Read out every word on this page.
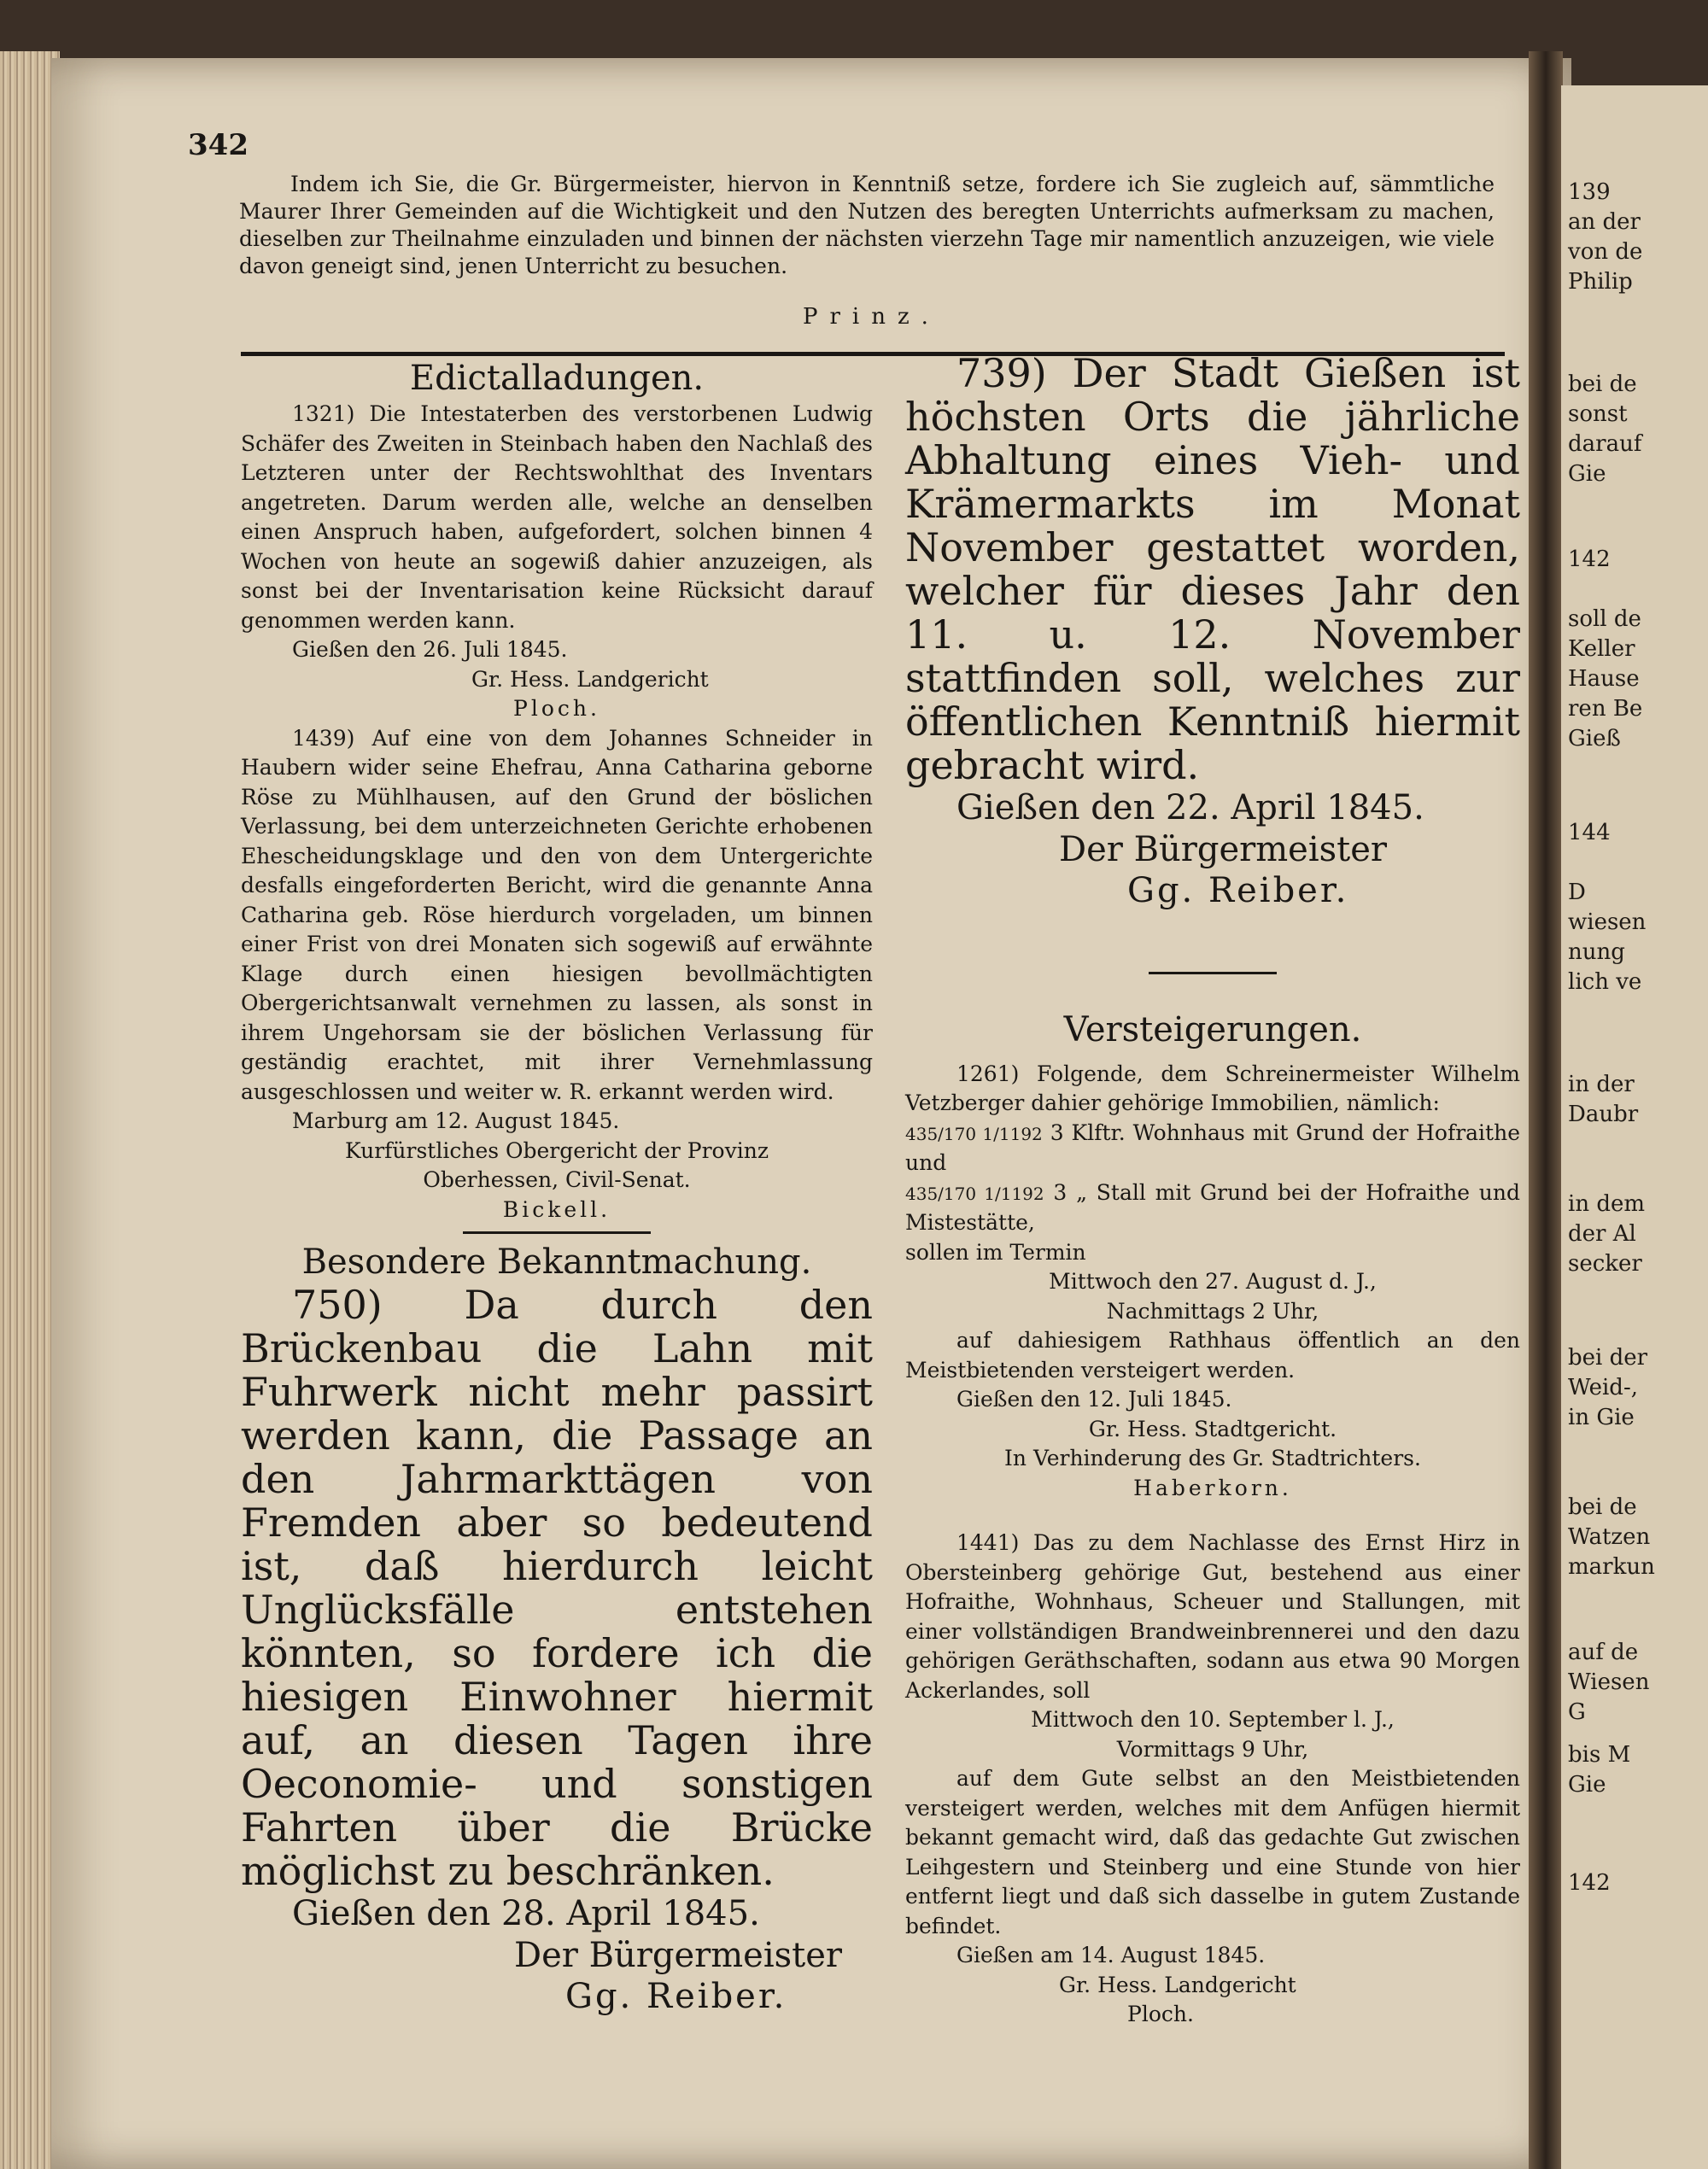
139
an der
von de
Philip
bei de
sonst
darauf
Gie
142
soll de
Keller
Hause
ren Be
Gieß
144
D
wiesen
nung
lich ve
in der
Daubr
in dem
der Al
secker
bei der
Weid-,
in Gie
bei de
Watzen
markun
auf de
Wiesen
G
bis M
Gie
142
342

Indem ich Sie, die Gr. Bürgermeister, hiervon in Kenntniß setze, fordere ich Sie zugleich auf, sämmtliche Maurer Ihrer Gemeinden auf die Wichtigkeit und den Nutzen des beregten Unterrichts aufmerksam zu machen, dieselben zur Theilnahme einzuladen und binnen der nächsten vierzehn Tage mir namentlich anzuzeigen, wie viele davon geneigt sind, jenen Unterricht zu besuchen.

Prinz.

Edictalladungen.

1321) Die Intestaterben des verstorbenen Ludwig Schäfer des Zweiten in Steinbach haben den Nachlaß des Letzteren unter der Rechtswohlthat des Inventars angetreten. Darum werden alle, welche an denselben einen Anspruch haben, aufgefordert, solchen binnen 4 Wochen von heute an sogewiß dahier anzuzeigen, als sonst bei der Inventarisation keine Rücksicht darauf genommen werden kann.

Gießen den 26. Juli 1845.

Gr. Hess. Landgericht

Ploch.

1439) Auf eine von dem Johannes Schneider in Haubern wider seine Ehefrau, Anna Catharina geborne Röse zu Mühlhausen, auf den Grund der böslichen Verlassung, bei dem unterzeichneten Gerichte erhobenen Ehescheidungsklage und den von dem Untergerichte desfalls eingeforderten Bericht, wird die genannte Anna Catharina geb. Röse hierdurch vorgeladen, um binnen einer Frist von drei Monaten sich sogewiß auf erwähnte Klage durch einen hiesigen bevollmächtigten Obergerichtsanwalt vernehmen zu lassen, als sonst in ihrem Ungehorsam sie der böslichen Verlassung für geständig erachtet, mit ihrer Vernehmlassung ausgeschlossen und weiter w. R. erkannt werden wird.

Marburg am 12. August 1845.

Kurfürstliches Obergericht der Provinz

Oberhessen, Civil-Senat.

Bickell.

Besondere Bekanntmachung.

750) Da durch den Brückenbau die Lahn mit Fuhrwerk nicht mehr passirt werden kann, die Passage an den Jahrmarkttägen von Fremden aber so bedeutend ist, daß hierdurch leicht Unglücksfälle entstehen könnten, so fordere ich die hiesigen Einwohner hiermit auf, an diesen Tagen ihre Oeconomie- und sonstigen Fahrten über die Brücke möglichst zu beschränken.

Gießen den 28. April 1845.

Der Bürgermeister

Gg. Reiber.

739) Der Stadt Gießen ist höchsten Orts die jährliche Abhaltung eines Vieh- und Krämermarkts im Monat November gestattet worden, welcher für dieses Jahr den 11. u. 12. November stattfinden soll, welches zur öffentlichen Kenntniß hiermit gebracht wird.

Gießen den 22. April 1845.

Der Bürgermeister

Gg. Reiber.

Versteigerungen.

1261) Folgende, dem Schreinermeister Wilhelm Vetzberger dahier gehörige Immobilien, nämlich:

435/170 1/1192 3 Klftr. Wohnhaus mit Grund der Hofraithe und

435/170 1/1192 3 „ Stall mit Grund bei der Hofraithe und Mistestätte,

sollen im Termin

Mittwoch den 27. August d. J.,

Nachmittags 2 Uhr,

auf dahiesigem Rathhaus öffentlich an den Meistbietenden versteigert werden.

Gießen den 12. Juli 1845.

Gr. Hess. Stadtgericht.

In Verhinderung des Gr. Stadtrichters.

Haberkorn.

1441) Das zu dem Nachlasse des Ernst Hirz in Obersteinberg gehörige Gut, bestehend aus einer Hofraithe, Wohnhaus, Scheuer und Stallungen, mit einer vollständigen Brandweinbrennerei und den dazu gehörigen Geräthschaften, sodann aus etwa 90 Morgen Ackerlandes, soll

Mittwoch den 10. September l. J.,

Vormittags 9 Uhr,

auf dem Gute selbst an den Meistbietenden versteigert werden, welches mit dem Anfügen hiermit bekannt gemacht wird, daß das gedachte Gut zwischen Leihgestern und Steinberg und eine Stunde von hier entfernt liegt und daß sich dasselbe in gutem Zustande befindet.

Gießen am 14. August 1845.

Gr. Hess. Landgericht

Ploch.
